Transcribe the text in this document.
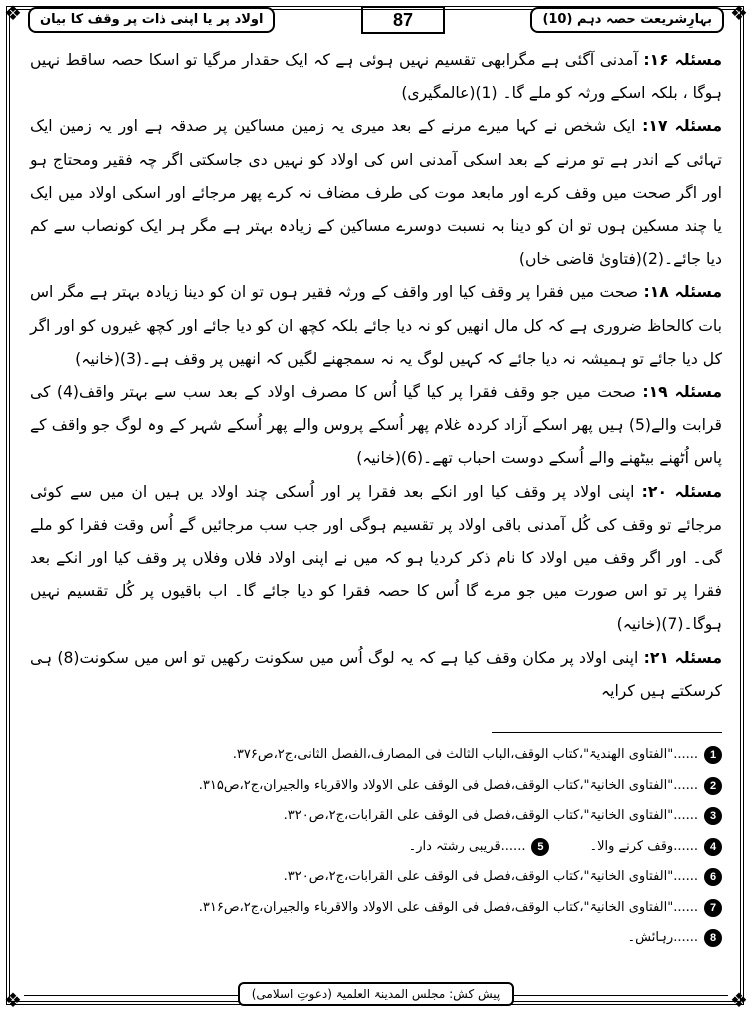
❖	❖
❖	❖
اولاد پر یا اپنی ذات پر وقف کا بیان	87	بہارِشریعت حصہ دہم (10)

مسئلہ ۱۶: آمدنی آگئی ہے مگرابھی تقسیم نہیں ہوئی ہے کہ ایک حقدار مرگیا تو اسکا حصہ ساقط نہیں ہوگا ، بلکہ اسکے ورثہ کو ملے گا۔ (1)(عالمگیری)

مسئلہ ۱۷: ایک شخص نے کہا میرے مرنے کے بعد میری یہ زمین مساکین پر صدقہ ہے اور یہ زمین ایک تہائی کے اندر ہے تو مرنے کے بعد اسکی آمدنی اس کی اولاد کو نہیں دی جاسکتی اگر چہ فقیر ومحتاج ہو اور اگر صحت میں وقف کرے اور مابعد موت کی طرف مضاف نہ کرے پھر مرجائے اور اسکی اولاد میں ایک یا چند مسکین ہوں تو ان کو دینا بہ نسبت دوسرے مساکین کے زیادہ بہتر ہے مگر ہر ایک کونصاب سے کم دیا جائے۔(2)(فتاویٰ قاضی خاں)

مسئلہ ۱۸: صحت میں فقرا پر وقف کیا اور واقف کے ورثہ فقیر ہوں تو ان کو دینا زیادہ بہتر ہے مگر اس بات کالحاظ ضروری ہے کہ کل مال انھیں کو نہ دیا جائے بلکہ کچھ ان کو دیا جائے اور کچھ غیروں کو اور اگر کل دیا جائے تو ہمیشہ نہ دیا جائے کہ کہیں لوگ یہ نہ سمجھنے لگیں کہ انھیں پر وقف ہے۔(3)(خانیہ)

مسئلہ ۱۹: صحت میں جو وقف فقرا پر کیا گیا اُس کا مصرف اولاد کے بعد سب سے بہتر واقف(4) کی قرابت والے(5) ہیں پھر اسکے آزاد کردہ غلام پھر اُسکے پروس والے پھر اُسکے شہر کے وہ لوگ جو واقف کے پاس اُٹھنے بیٹھنے والے اُسکے دوست احباب تھے۔(6)(خانیہ)

مسئلہ ۲۰: اپنی اولاد پر وقف کیا اور انکے بعد فقرا پر اور اُسکی چند اولاد یں ہیں ان میں سے کوئی مرجائے تو وقف کی کُل آمدنی باقی اولاد پر تقسیم ہوگی اور جب سب مرجائیں گے اُس وقت فقرا کو ملے گی۔ اور اگر وقف میں اولاد کا نام ذکر کردیا ہو کہ میں نے اپنی اولاد فلاں وفلاں پر وقف کیا اور انکے بعد فقرا پر تو اس صورت میں جو مرے گا اُس کا حصہ فقرا کو دیا جائے گا۔ اب باقیوں پر کُل تقسیم نہیں ہوگا۔(7)(خانیہ)

مسئلہ ۲۱: اپنی اولاد پر مکان وقف کیا ہے کہ یہ لوگ اُس میں سکونت رکھیں تو اس میں سکونت(8) ہی کرسکتے ہیں کرایہ

1
......"الفتاوی الھندیۃ"،کتاب الوقف،الباب الثالث فی المصارف،الفصل الثانی،ج۲،ص۳۷۶.
2
......"الفتاوی الخانیۃ"،کتاب الوقف،فصل فی الوقف علی الاولاد والاقرباء والجیران،ج۲،ص۳۱۵.
3
......"الفتاوی الخانیۃ"،کتاب الوقف،فصل فی الوقف علی القرابات،ج۲،ص۳۲۰.
4
......وقف کرنے والا۔
5
......قریبی رشتہ دار۔
6
......"الفتاوی الخانیۃ"،کتاب الوقف،فصل فی الوقف علی القرابات،ج۲،ص۳۲۰.
7
......"الفتاوی الخانیۃ"،کتاب الوقف،فصل فی الوقف علی الاولاد والاقرباء والجیران،ج۲،ص۳۱۶.
8
......رہائش۔
پیش کش: مجلس المدینۃ العلمیۃ (دعوتِ اسلامی)
